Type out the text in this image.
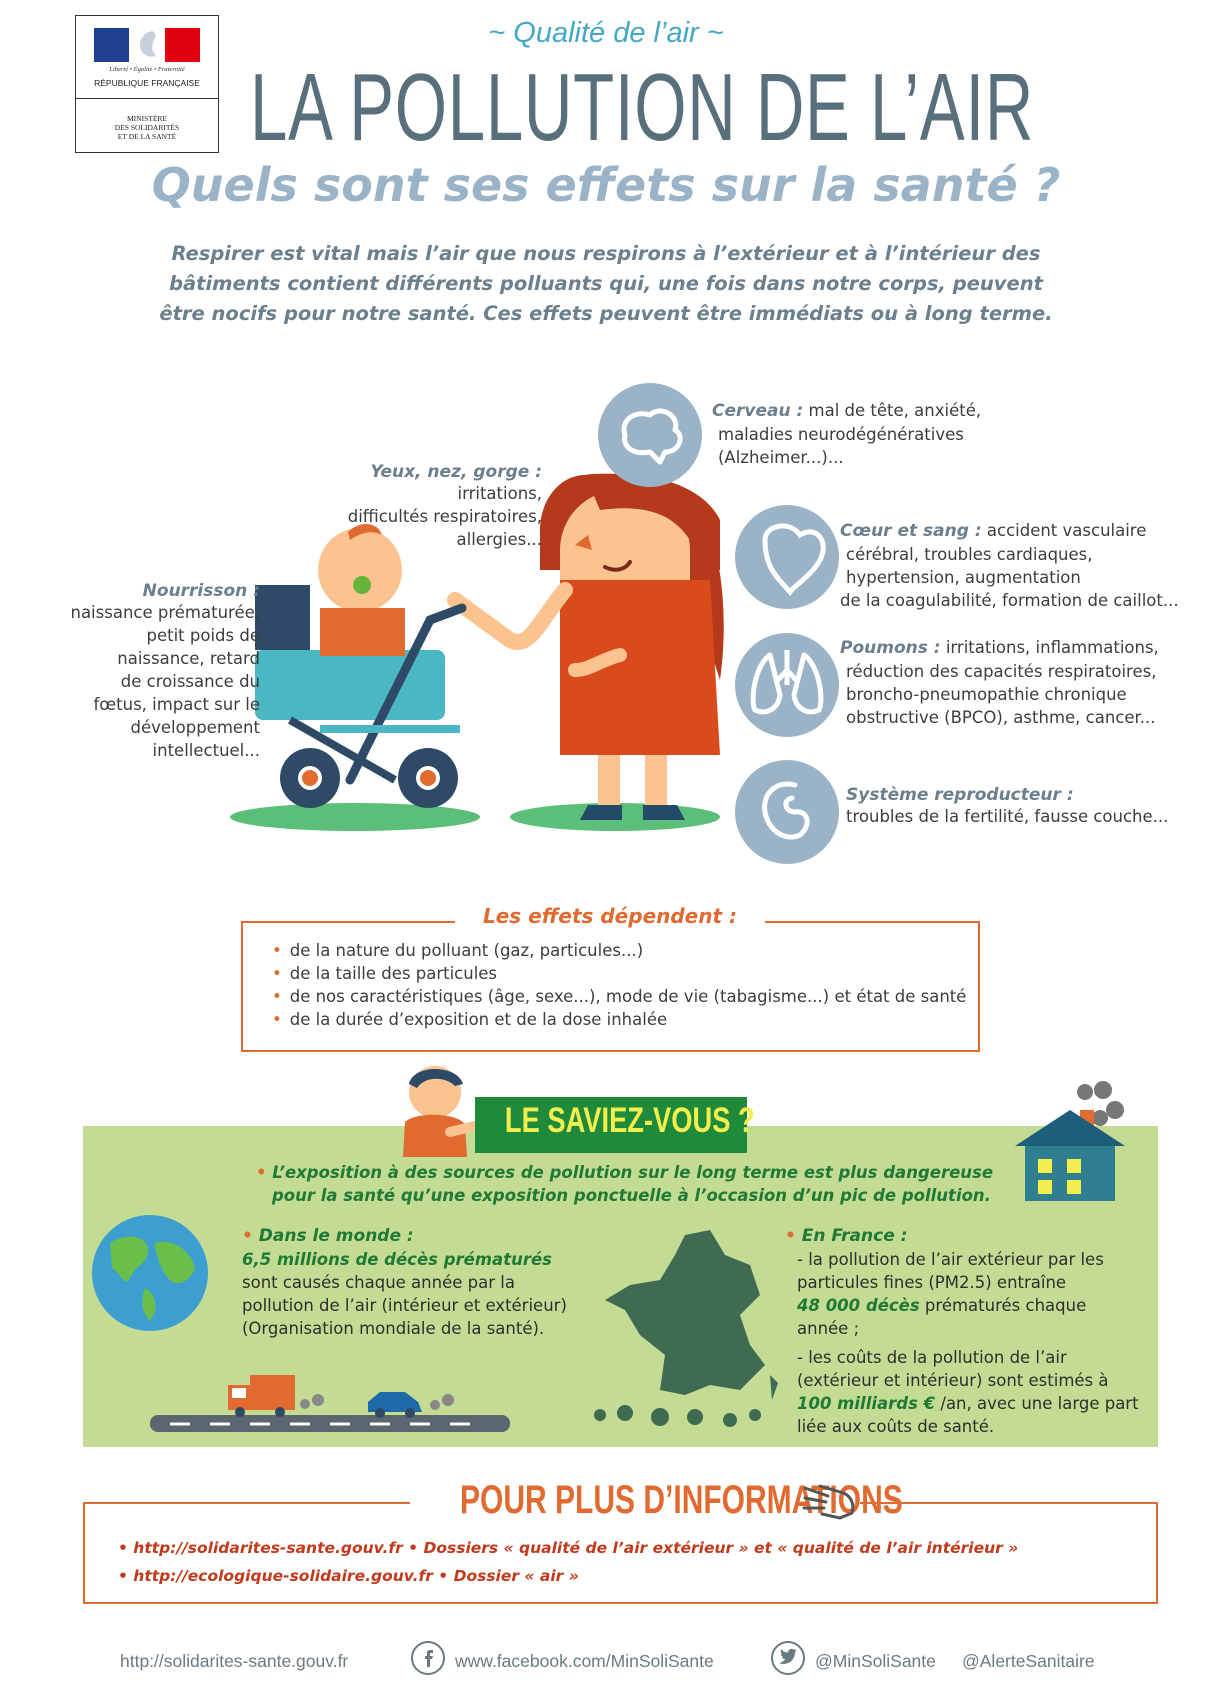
Liberté • Égalité • Fraternité
RÉPUBLIQUE FRANÇAISE
MINISTÈRE
DES SOLIDARITÉS
ET DE LA SANTÉ
~ Qualité de l’air ~
LA POLLUTION DE L’AIR
Quels sont ses effets sur la santé ?
Respirer est vital mais l’air que nous respirons à l’extérieur et à l’intérieur des
bâtiments contient différents polluants qui, une fois dans notre corps, peuvent
être nocifs pour notre santé. Ces effets peuvent être immédiats ou à long terme.
Cerveau : mal de tête, anxiété,
maladies neurodégénératives
(Alzheimer...)...
Yeux, nez, gorge :
irritations,
difficultés respiratoires,
allergies...	Cœur et sang : accident vasculaire
cérébral, troubles cardiaques,
hypertension, augmentation
de la coagulabilité, formation de caillot...
Poumons : irritations, inflammations,
réduction des capacités respiratoires,
broncho-pneumopathie chronique
obstructive (BPCO), asthme, cancer...
Système reproducteur :
troubles de la fertilité, fausse couche...
Nourrisson :
naissance prématurée,
petit poids de
naissance, retard
de croissance du
fœtus, impact sur le
développement
intellectuel...
Les effets dépendent :
• de la nature du polluant (gaz, particules...)
• de la taille des particules
• de nos caractéristiques (âge, sexe...), mode de vie (tabagisme...) et état de santé
• de la durée d’exposition et de la dose inhalée
LE SAVIEZ-VOUS ?
• L’exposition à des sources de pollution sur le long terme est plus dangereuse
pour la santé qu’une exposition ponctuelle à l’occasion d’un pic de pollution.
• Dans le monde :
6,5 millions de décès prématurés
sont causés chaque année par la
pollution de l’air (intérieur et extérieur)
(Organisation mondiale de la santé).
• En France :
- la pollution de l’air extérieur par les
particules fines (PM2.5) entraîne
48 000 décès prématurés chaque
année ;
- les coûts de la pollution de l’air
(extérieur et intérieur) sont estimés à
100 milliards € /an, avec une large part
liée aux coûts de santé.
POUR PLUS D’INFORMATIONS
• http://solidarites-sante.gouv.fr • Dossiers « qualité de l’air extérieur » et « qualité de l’air intérieur »
• http://ecologique-solidaire.gouv.fr • Dossier « air »
http://solidarites-sante.gouv.fr	www.facebook.com/MinSoliSante	@MinSoliSante @AlerteSanitaire
